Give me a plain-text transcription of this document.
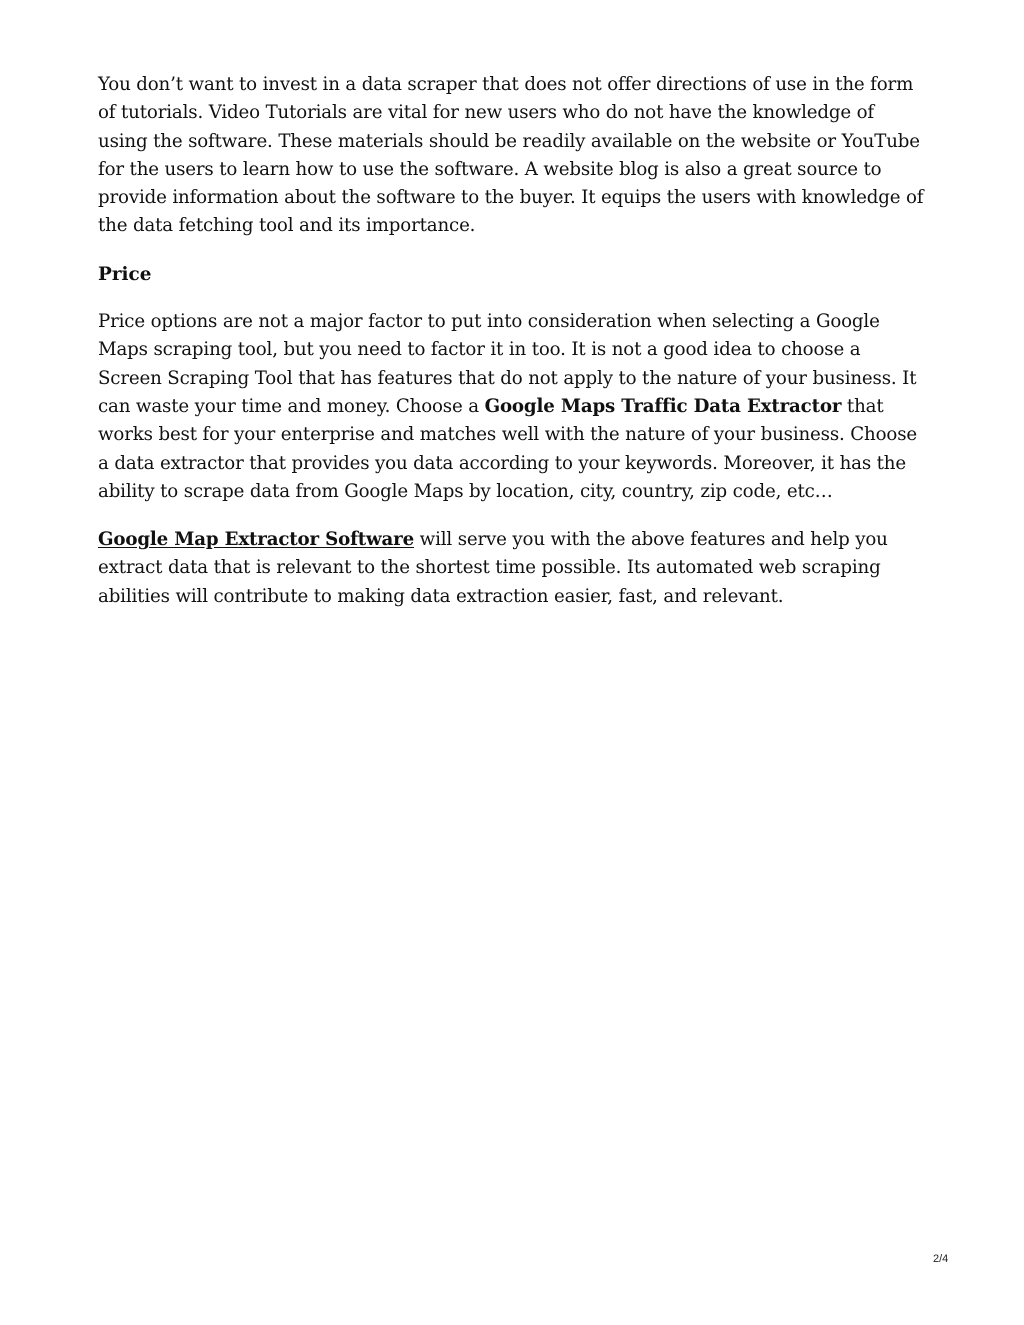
You don’t want to invest in a data scraper that does not offer directions of use in the form of tutorials. Video Tutorials are vital for new users who do not have the knowledge of using the software. These materials should be readily available on the website or YouTube for the users to learn how to use the software. A website blog is also a great source to provide information about the software to the buyer. It equips the users with knowledge of the data fetching tool and its importance.

Price

Price options are not a major factor to put into consideration when selecting a Google Maps scraping tool, but you need to factor it in too. It is not a good idea to choose a Screen Scraping Tool that has features that do not apply to the nature of your business. It can waste your time and money. Choose a Google Maps Traffic Data Extractor that works best for your enterprise and matches well with the nature of your business. Choose a data extractor that provides you data according to your keywords. Moreover, it has the ability to scrape data from Google Maps by location, city, country, zip code, etc…

Google Map Extractor Software will serve you with the above features and help you extract data that is relevant to the shortest time possible. Its automated web scraping abilities will contribute to making data extraction easier, fast, and relevant.

2/4
